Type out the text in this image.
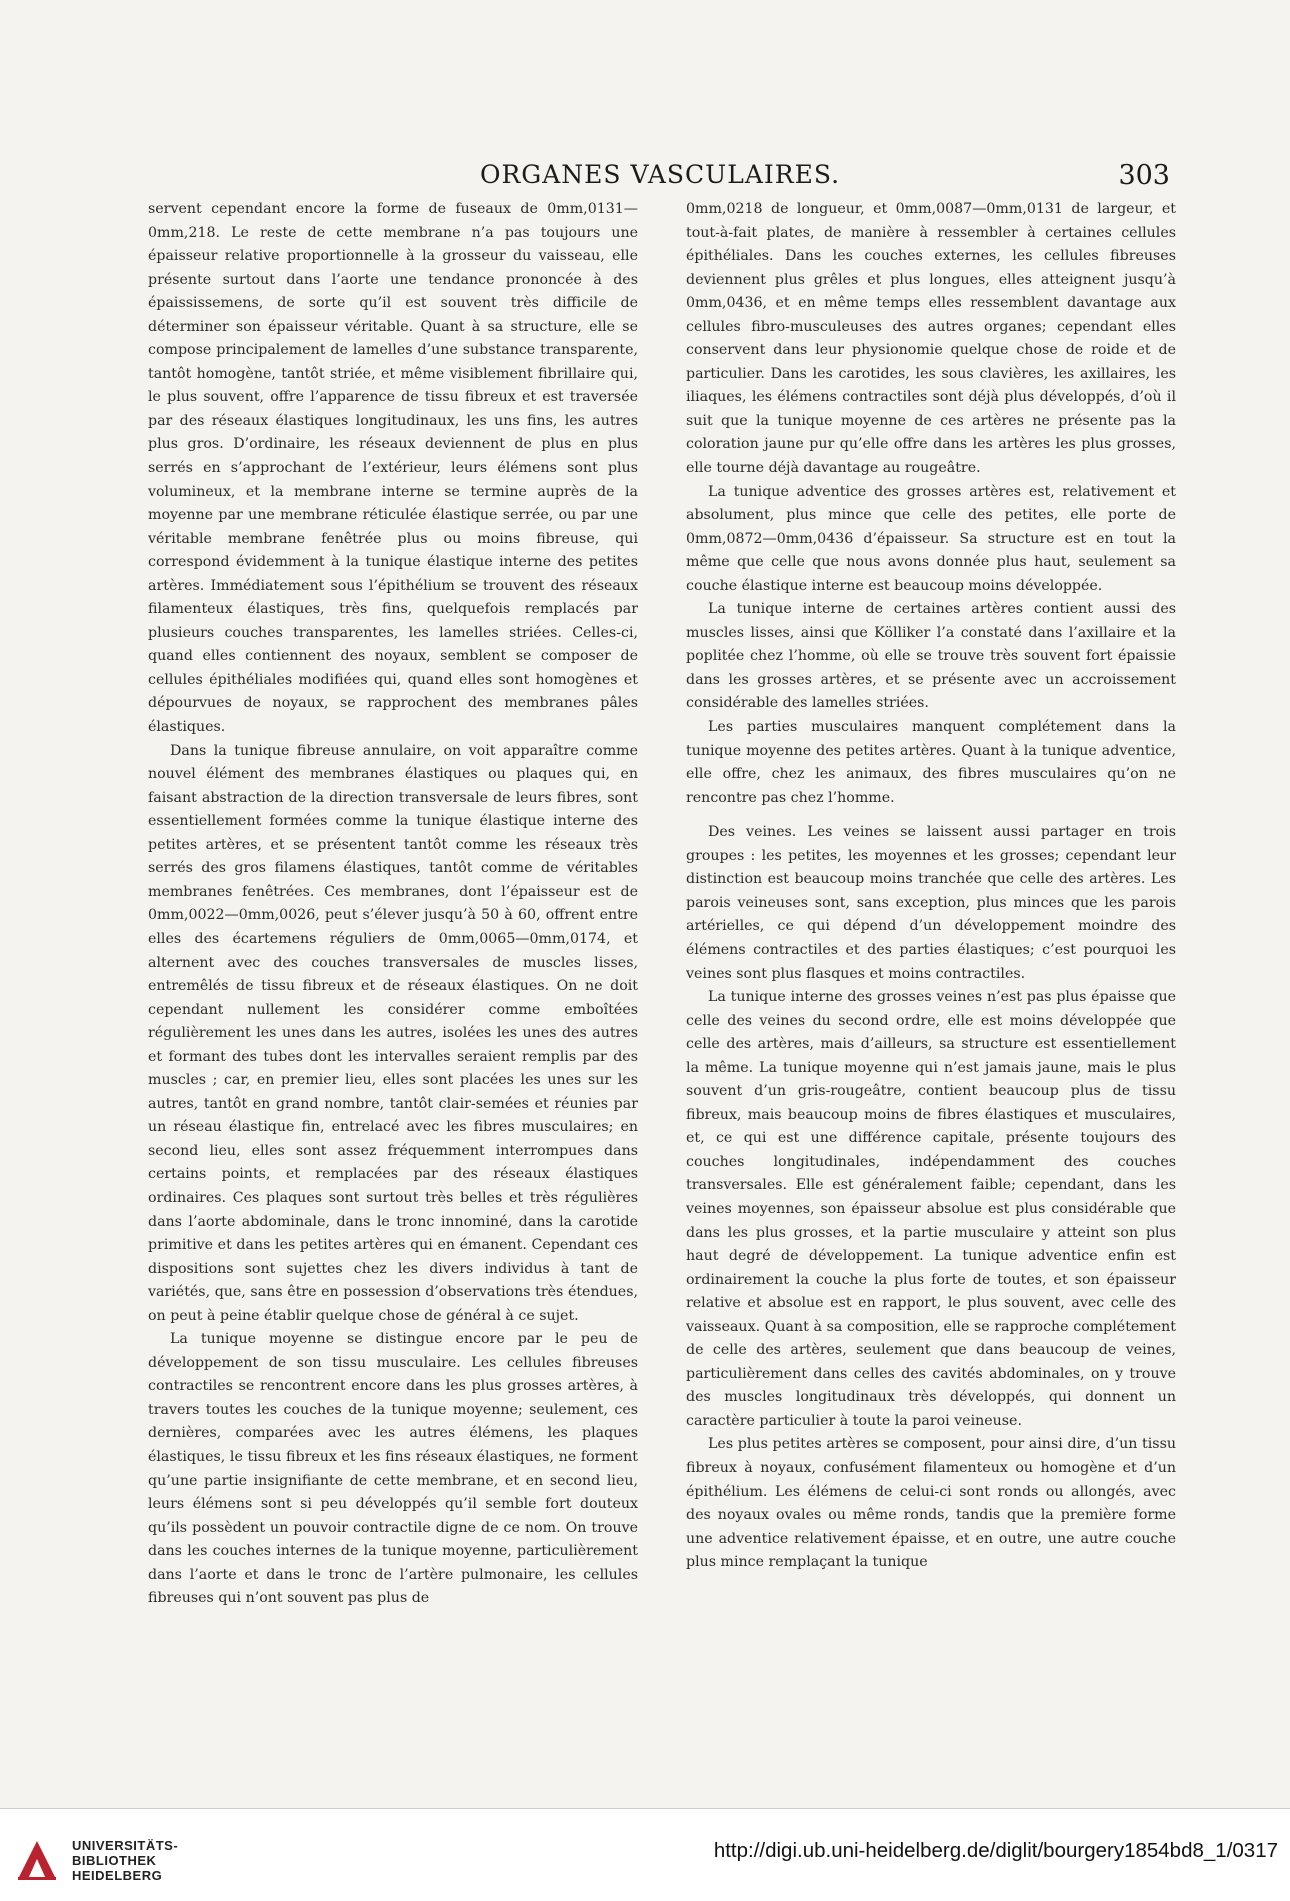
ORGANES VASCULAIRES.	303

servent cependant encore la forme de fuseaux de 0mm,0131—0mm,218. Le reste de cette membrane n’a pas toujours une épaisseur relative proportionnelle à la grosseur du vaisseau, elle présente surtout dans l’aorte une tendance prononcée à des épaississemens, de sorte qu’il est souvent très difficile de déterminer son épaisseur véritable. Quant à sa structure, elle se compose principalement de lamelles d’une substance transparente, tantôt homogène, tantôt striée, et même visiblement fibrillaire qui, le plus souvent, offre l’apparence de tissu fibreux et est traversée par des réseaux élastiques longitudinaux, les uns fins, les autres plus gros. D’ordinaire, les réseaux deviennent de plus en plus serrés en s’approchant de l’extérieur, leurs élémens sont plus volumineux, et la membrane interne se termine auprès de la moyenne par une membrane réticulée élastique serrée, ou par une véritable membrane fenêtrée plus ou moins fibreuse, qui correspond évidemment à la tunique élastique interne des petites artères. Immédiatement sous l’épithélium se trouvent des réseaux filamenteux élastiques, très fins, quelquefois remplacés par plusieurs couches transparentes, les lamelles striées. Celles-ci, quand elles contiennent des noyaux, semblent se composer de cellules épithéliales modifiées qui, quand elles sont homogènes et dépourvues de noyaux, se rapprochent des membranes pâles élastiques.

Dans la tunique fibreuse annulaire, on voit apparaître comme nouvel élément des membranes élastiques ou plaques qui, en faisant abstraction de la direction transversale de leurs fibres, sont essentiellement formées comme la tunique élastique interne des petites artères, et se présentent tantôt comme les réseaux très serrés des gros filamens élastiques, tantôt comme de véritables membranes fenêtrées. Ces membranes, dont l’épaisseur est de 0mm,0022—0mm,0026, peut s’élever jusqu’à 50 à 60, offrent entre elles des écartemens réguliers de 0mm,0065—0mm,0174, et alternent avec des couches transversales de muscles lisses, entremêlés de tissu fibreux et de réseaux élastiques. On ne doit cependant nullement les considérer comme emboîtées régulièrement les unes dans les autres, isolées les unes des autres et formant des tubes dont les intervalles seraient remplis par des muscles ; car, en premier lieu, elles sont placées les unes sur les autres, tantôt en grand nombre, tantôt clair-semées et réunies par un réseau élastique fin, entrelacé avec les fibres musculaires; en second lieu, elles sont assez fréquemment interrompues dans certains points, et remplacées par des réseaux élastiques ordinaires. Ces plaques sont surtout très belles et très régulières dans l’aorte abdominale, dans le tronc innominé, dans la carotide primitive et dans les petites artères qui en émanent. Cependant ces dispositions sont sujettes chez les divers individus à tant de variétés, que, sans être en possession d’observations très étendues, on peut à peine établir quelque chose de général à ce sujet.

La tunique moyenne se distingue encore par le peu de développement de son tissu musculaire. Les cellules fibreuses contractiles se rencontrent encore dans les plus grosses artères, à travers toutes les couches de la tunique moyenne; seulement, ces dernières, comparées avec les autres élémens, les plaques élastiques, le tissu fibreux et les fins réseaux élastiques, ne forment qu’une partie insignifiante de cette membrane, et en second lieu, leurs élémens sont si peu développés qu’il semble fort douteux qu’ils possèdent un pouvoir contractile digne de ce nom. On trouve dans les couches internes de la tunique moyenne, particulièrement dans l’aorte et dans le tronc de l’artère pulmonaire, les cellules fibreuses qui n’ont souvent pas plus de

0mm,0218 de longueur, et 0mm,0087—0mm,0131 de largeur, et tout-à-fait plates, de manière à ressembler à certaines cellules épithéliales. Dans les couches externes, les cellules fibreuses deviennent plus grêles et plus longues, elles atteignent jusqu’à 0mm,0436, et en même temps elles ressemblent davantage aux cellules fibro-musculeuses des autres organes; cependant elles conservent dans leur physionomie quelque chose de roide et de particulier. Dans les carotides, les sous clavières, les axillaires, les iliaques, les élémens contractiles sont déjà plus développés, d’où il suit que la tunique moyenne de ces artères ne présente pas la coloration jaune pur qu’elle offre dans les artères les plus grosses, elle tourne déjà davantage au rougeâtre.

La tunique adventice des grosses artères est, relativement et absolument, plus mince que celle des petites, elle porte de 0mm,0872—0mm,0436 d’épaisseur. Sa structure est en tout la même que celle que nous avons donnée plus haut, seulement sa couche élastique interne est beaucoup moins développée.

La tunique interne de certaines artères contient aussi des muscles lisses, ainsi que Kölliker l’a constaté dans l’axillaire et la poplitée chez l’homme, où elle se trouve très souvent fort épaissie dans les grosses artères, et se présente avec un accroissement considérable des lamelles striées.

Les parties musculaires manquent complétement dans la tunique moyenne des petites artères. Quant à la tunique adventice, elle offre, chez les animaux, des fibres musculaires qu’on ne rencontre pas chez l’homme.

Des veines. Les veines se laissent aussi partager en trois groupes : les petites, les moyennes et les grosses; cependant leur distinction est beaucoup moins tranchée que celle des artères. Les parois veineuses sont, sans exception, plus minces que les parois artérielles, ce qui dépend d’un développement moindre des élémens contractiles et des parties élastiques; c’est pourquoi les veines sont plus flasques et moins contractiles.

La tunique interne des grosses veines n’est pas plus épaisse que celle des veines du second ordre, elle est moins développée que celle des artères, mais d’ailleurs, sa structure est essentiellement la même. La tunique moyenne qui n’est jamais jaune, mais le plus souvent d’un gris-rougeâtre, contient beaucoup plus de tissu fibreux, mais beaucoup moins de fibres élastiques et musculaires, et, ce qui est une différence capitale, présente toujours des couches longitudinales, indépendamment des couches transversales. Elle est généralement faible; cependant, dans les veines moyennes, son épaisseur absolue est plus considérable que dans les plus grosses, et la partie musculaire y atteint son plus haut degré de développement. La tunique adventice enfin est ordinairement la couche la plus forte de toutes, et son épaisseur relative et absolue est en rapport, le plus souvent, avec celle des vaisseaux. Quant à sa composition, elle se rapproche complétement de celle des artères, seulement que dans beaucoup de veines, particulièrement dans celles des cavités abdominales, on y trouve des muscles longitudinaux très développés, qui donnent un caractère particulier à toute la paroi veineuse.

Les plus petites artères se composent, pour ainsi dire, d’un tissu fibreux à noyaux, confusément filamenteux ou homogène et d’un épithélium. Les élémens de celui-ci sont ronds ou allongés, avec des noyaux ovales ou même ronds, tandis que la première forme une adventice relativement épaisse, et en outre, une autre couche plus mince remplaçant la tunique

UNIVERSITÄTS-
BIBLIOTHEK
HEIDELBERG
http://digi.ub.uni-heidelberg.de/diglit/bourgery1854bd8_1/0317
